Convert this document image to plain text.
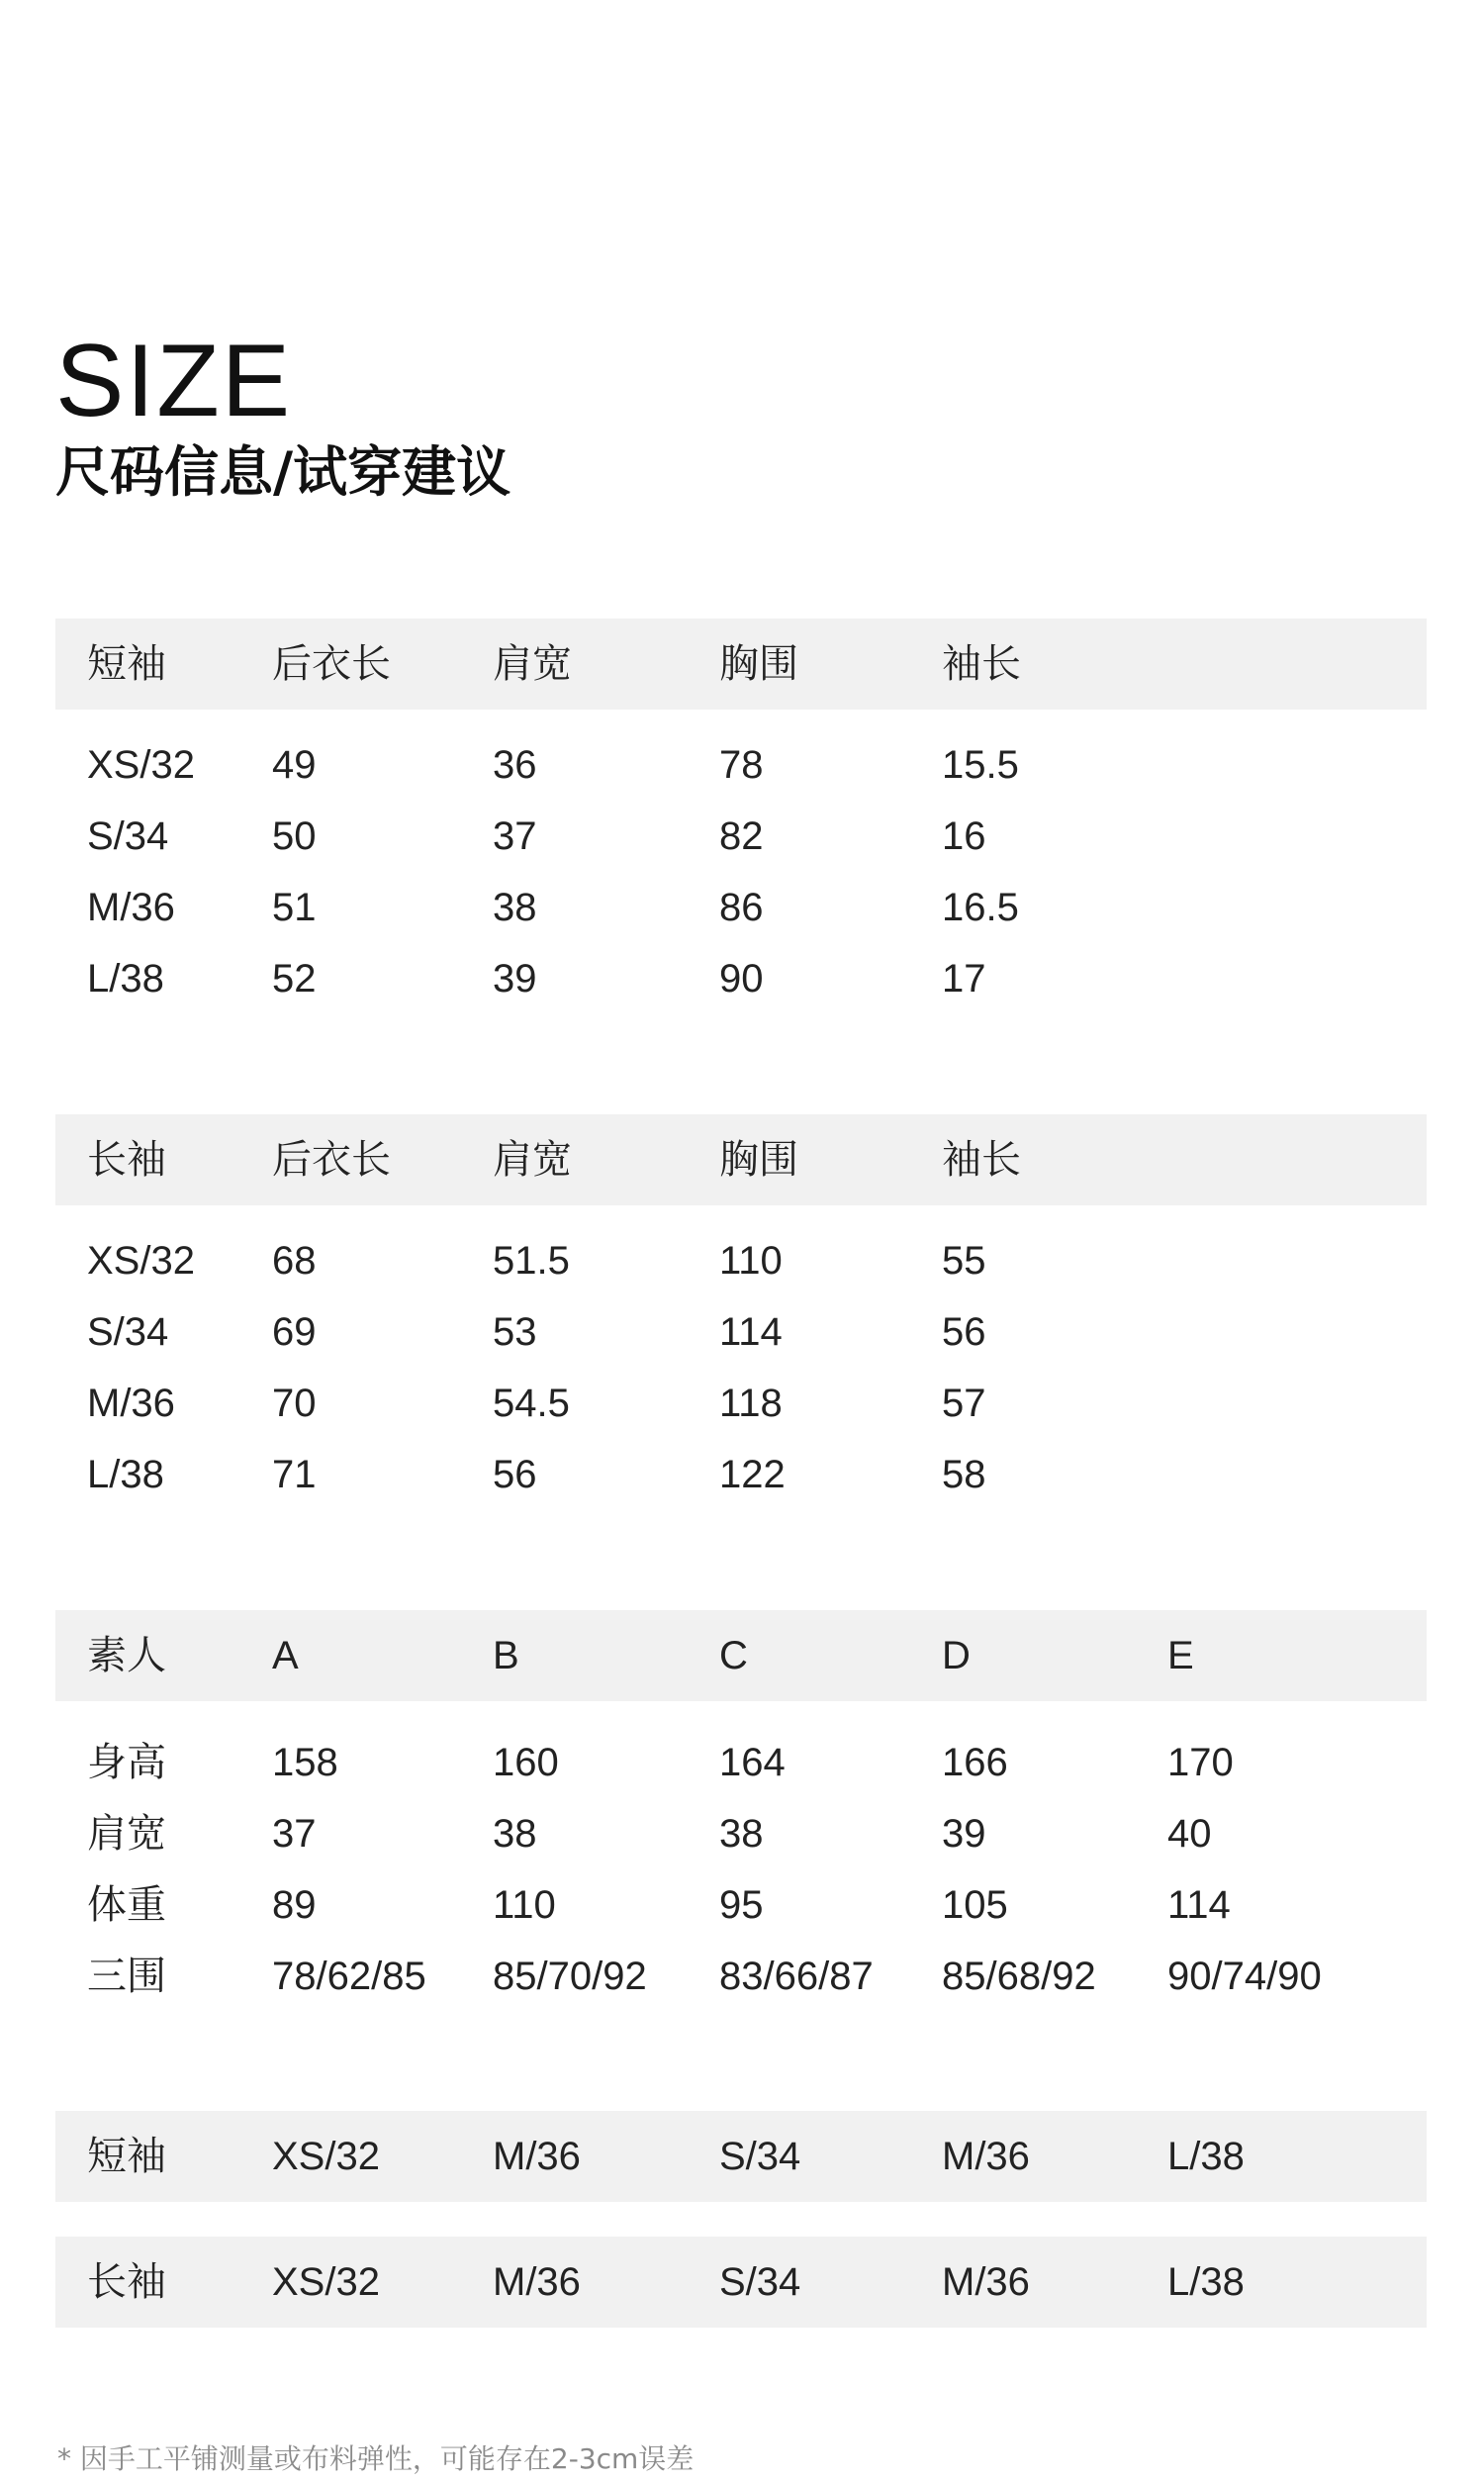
SIZE
尺码信息/试穿建议
短袖	后衣长	肩宽	胸围	袖长
XS/32 49	36	78	15.5
S/34	50	37	82	16
M/36 51	38	86	16.5
L/38	52	39	90	17
长袖	后衣长	肩宽	胸围	袖长
XS/32 68	51.5	110	55
S/34	69	53	114	56
M/36 70	54.5	118	57
L/38	71	56	122	58
素人	A	B	C	D	E
身高	158	160	164	166	170
肩宽	37	38	38	39	40
体重	89	110	95	105	114
三围	78/62/85 85/70/92 83/66/87 85/68/92 90/74/90
短袖	XS/32	M/36	S/34	M/36	L/38
长袖	XS/32	M/36	S/34	M/36	L/38
* 因手工平铺测量或布料弹性，可能存在2-3cm误差
